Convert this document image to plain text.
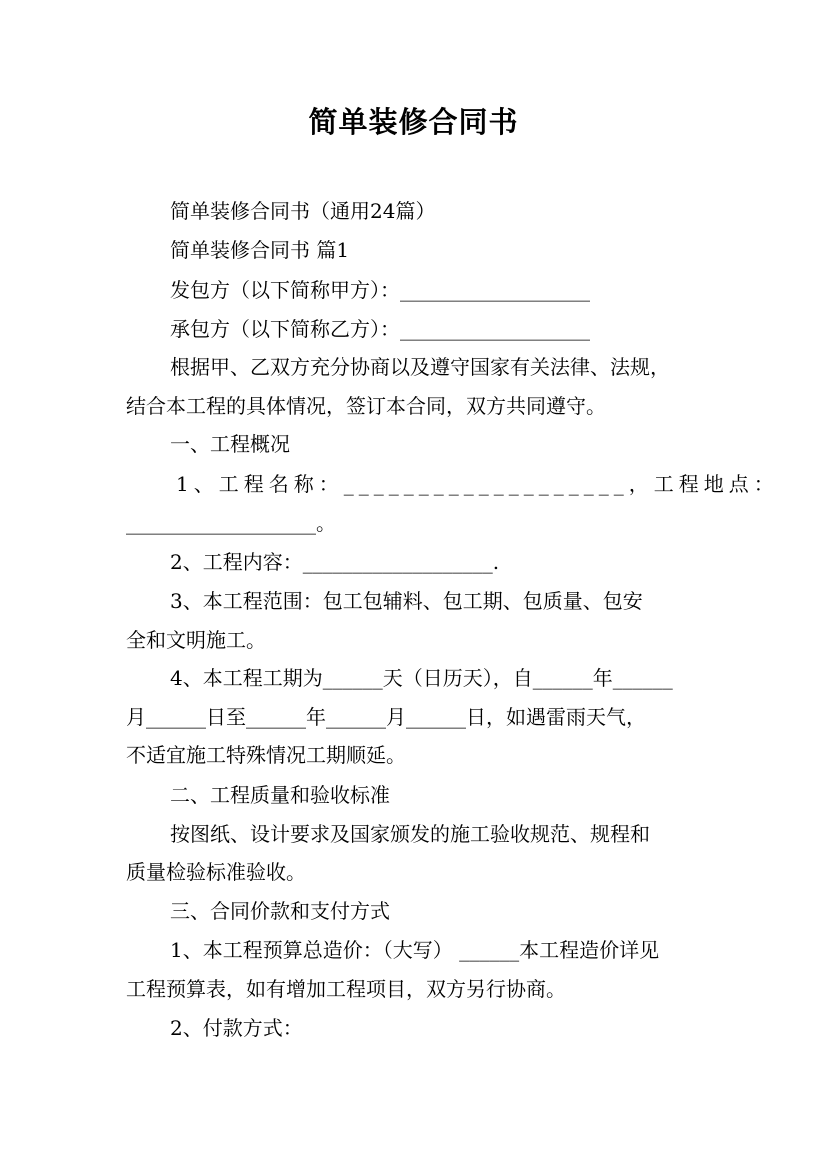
简单装修合同书
简单装修合同书（通用24篇）
简单装修合同书 篇1
发包方（以下简称甲方）：___________________
承包方（以下简称乙方）：___________________
根据甲、乙双方充分协商以及遵守国家有关法律、法规，
结合本工程的具体情况，签订本合同，双方共同遵守。
一、工程概况
1、工程名称：___________________，工程地点：
___________________。
2、工程内容：___________________.
3、本工程范围：包工包辅料、包工期、包质量、包安
全和文明施工。
4、本工程工期为______天（日历天），自______年______
月______日至______年______月______日，如遇雷雨天气，
不适宜施工特殊情况工期顺延。
二、工程质量和验收标准
按图纸、设计要求及国家颁发的施工验收规范、规程和
质量检验标准验收。
三、合同价款和支付方式
1、本工程预算总造价：（大写） ______本工程造价详见
工程预算表，如有增加工程项目，双方另行协商。
2、付款方式：
